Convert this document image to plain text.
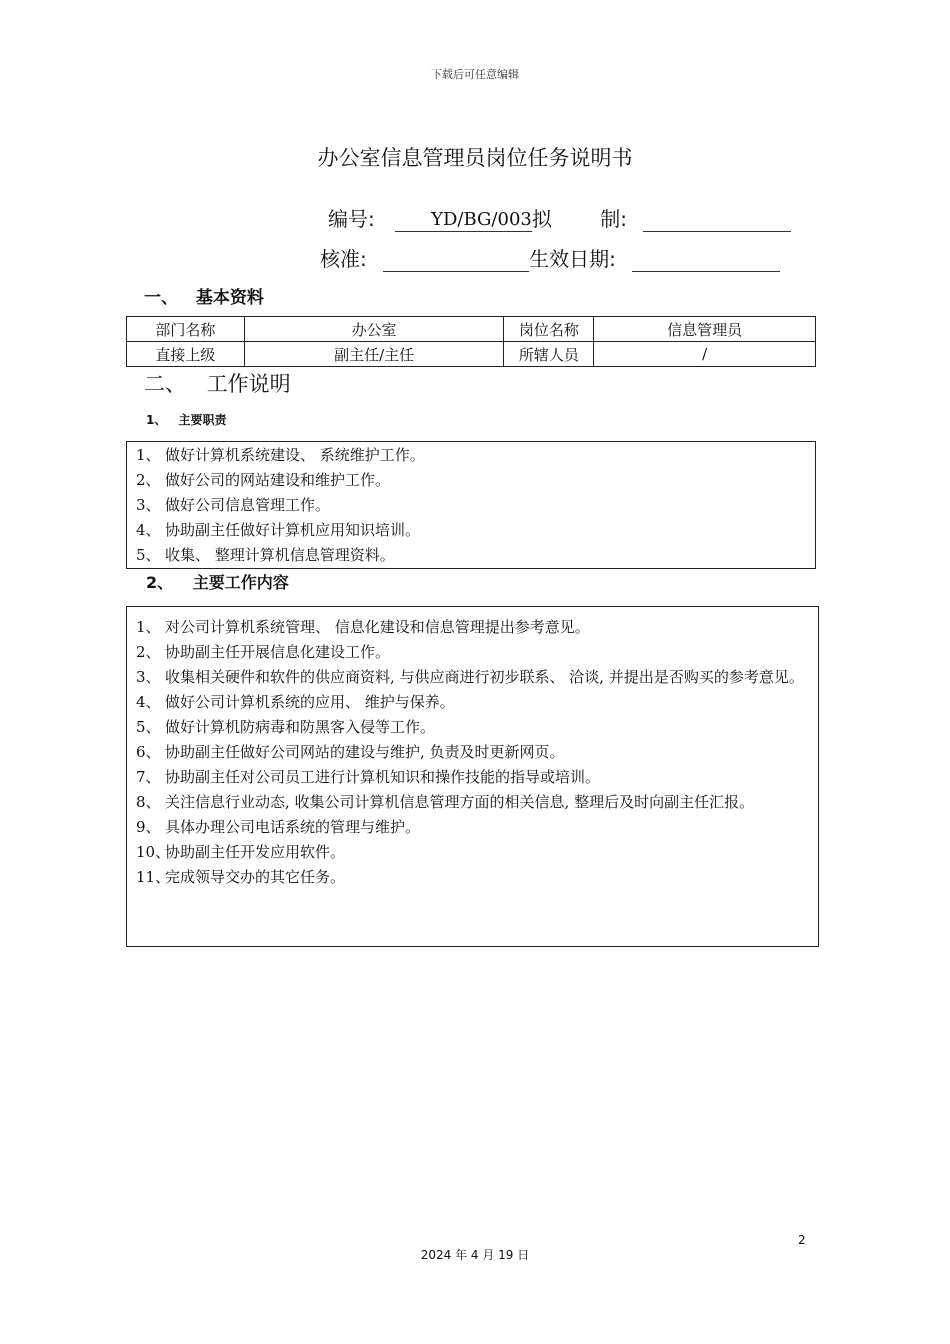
下载后可任意编辑
办公室信息管理员岗位任务说明书
编号:	YD/BG/003拟 制:
核准:	生效日期:
一、 基本资料
部门名称	办公室	岗位名称	信息管理员
直接上级	副主任/主任	所辖人员	/
二、 工作说明
1、 主要职责
1、 做好计算机系统建设、 系统维护工作。
2、 做好公司的网站建设和维护工作。
3、 做好公司信息管理工作。
4、 协助副主任做好计算机应用知识培训。
5、 收集、 整理计算机信息管理资料。
2、 主要工作内容
1、 对公司计算机系统管理、 信息化建设和信息管理提出参考意见。
2、 协助副主任开展信息化建设工作。
3、 收集相关硬件和软件的供应商资料, 与供应商进行初步联系、 洽谈, 并提出是否购买的参考意见。
4、 做好公司计算机系统的应用、 维护与保养。
5、 做好计算机防病毒和防黑客入侵等工作。
6、 协助副主任做好公司网站的建设与维护, 负责及时更新网页。
7、 协助副主任对公司员工进行计算机知识和操作技能的指导或培训。
8、 关注信息行业动态, 收集公司计算机信息管理方面的相关信息, 整理后及时向副主任汇报。
9、 具体办理公司电话系统的管理与维护。
10、
协助副主任开发应用软件。
11、
完成领导交办的其它任务。
2
2024 年 4 月 19 日
